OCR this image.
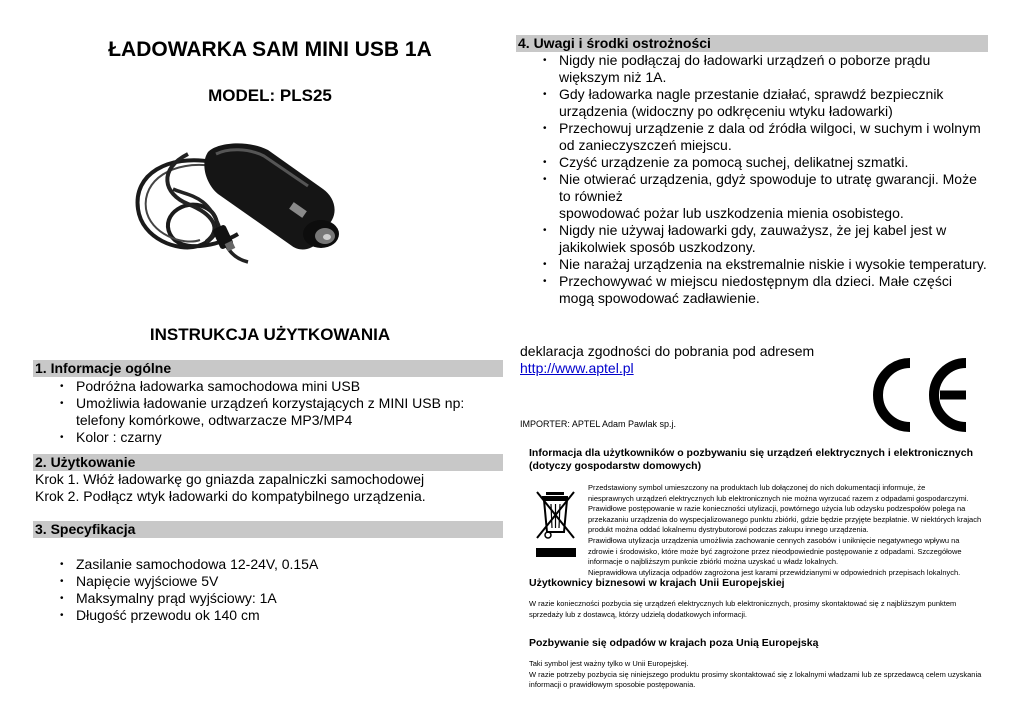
ŁADOWARKA SAM MINI USB 1A
MODEL: PLS25
INSTRUKCJA UŻYTKOWANIA
1. Informacje ogólne
• Podróżna ładowarka samochodowa mini USB
• Umożliwia ładowanie urządzeń korzystających z MINI USB np: telefony komórkowe, odtwarzacze MP3/MP4
• Kolor : czarny
2. Użytkowanie
Krok 1. Włóż ładowarkę go gniazda zapalniczki samochodowej
Krok 2. Podłącz wtyk ładowarki do kompatybilnego urządzenia.
3. Specyfikacja
• Zasilanie samochodowa 12-24V, 0.15A
• Napięcie wyjściowe 5V
• Maksymalny prąd wyjściowy: 1A
• Długość przewodu ok 140 cm
4. Uwagi i środki ostrożności
• Nigdy nie podłączaj do ładowarki urządzeń o poborze prądu większym niż 1A.
• Gdy ładowarka nagle przestanie działać, sprawdź bezpiecznik urządzenia (widoczny po odkręceniu wtyku ładowarki)
• Przechowuj urządzenie z dala od źródła wilgoci, w suchym i wolnym od zanieczyszczeń miejscu.
• Czyść urządzenie za pomocą suchej, delikatnej szmatki.
• Nie otwierać urządzenia, gdyż spowoduje to utratę gwarancji. Może to również
spowodować pożar lub uszkodzenia mienia osobistego.
• Nigdy nie używaj ładowarki gdy, zauważysz, że jej kabel jest w jakikolwiek sposób uszkodzony.
• Nie narażaj urządzenia na ekstremalnie niskie i wysokie temperatury.
• Przechowywać w miejscu niedostępnym dla dzieci. Małe części mogą spowodować zadławienie.
deklaracja zgodności do pobrania pod adresem
http://www.aptel.pl
IMPORTER: APTEL Adam Pawlak sp.j.
Informacja dla użytkowników o pozbywaniu się urządzeń elektrycznych i elektronicznych (dotyczy gospodarstw domowych)
Przedstawiony symbol umieszczony na produktach lub dołączonej do nich dokumentacji informuje, że
niesprawnych urządzeń elektrycznych lub elektronicznych nie można wyrzucać razem z odpadami gospodarczymi.
Prawidłowe postępowanie w razie konieczności utylizacji, powtórnego użycia lub odzysku podzespołów polega na
przekazaniu urządzenia do wyspecjalizowanego punktu zbiórki, gdzie będzie przyjęte bezpłatnie. W niektórych krajach
produkt można oddać lokalnemu dystrybutorowi podczas zakupu innego urządzenia.
Prawidłowa utylizacja urządzenia umożliwia zachowanie cennych zasobów i uniknięcie negatywnego wpływu na
zdrowie i środowisko, które może być zagrożone przez nieodpowiednie postępowanie z odpadami. Szczegółowe
informacje o najbliższym punkcie zbiórki można uzyskać u władz lokalnych.
Nieprawidłowa utylizacja odpadów zagrożona jest karami przewidzianymi w odpowiednich przepisach lokalnych.
Użytkownicy biznesowi w krajach Unii Europejskiej
W razie konieczności pozbycia się urządzeń elektrycznych lub elektronicznych, prosimy skontaktować się z najbliższym punktem
sprzedaży lub z dostawcą, którzy udzielą dodatkowych informacji.
Pozbywanie się odpadów w krajach poza Unią Europejską
Taki symbol jest ważny tylko w Unii Europejskej.
W razie potrzeby pozbycia się niniejszego produktu prosimy skontaktować się z lokalnymi władzami lub ze sprzedawcą celem uzyskania
informacji o prawidłowym sposobie postępowania.
